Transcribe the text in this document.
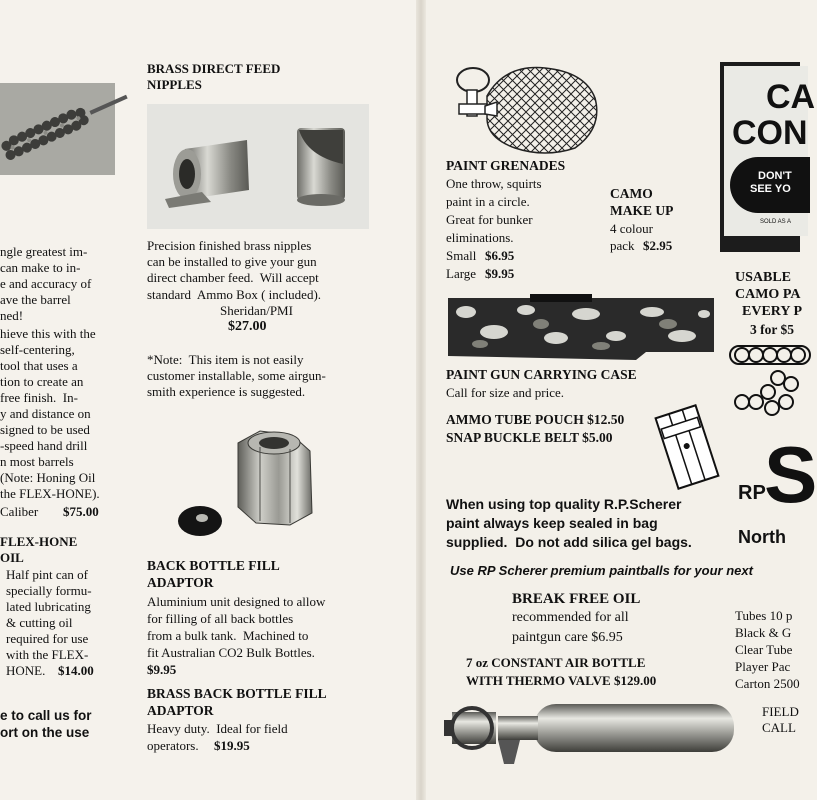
ngle greatest im-
can make to in-
e and accuracy of
ave the barrel
ned!
hieve this with the
self-centering,
tool that uses a
tion to create an
free finish.  In-
y and distance on
signed to be used
-speed hand drill
n most barrels
(Note: Honing Oil
the FLEX-HONE).
Caliber $75.00
FLEX-HONE
OIL
Half pint can of
specially formu-
lated lubricating
& cutting oil
required for use
with the FLEX-
HONE. $14.00
e to call us for
ort on the use
BRASS DIRECT FEED
NIPPLES
Precision finished brass nipples
can be installed to give your gun
direct chamber feed.  Will accept
standard  Ammo Box ( included).
Sheridan/PMI
$27.00
*Note:  This item is not easily
customer installable, some airgun-
smith experience is suggested.
BACK BOTTLE FILL
ADAPTOR
Aluminium unit designed to allow
for filling of all back bottles
from a bulk tank.  Machined to
fit Australian CO2 Bulk Bottles.
$9.95
BRASS BACK BOTTLE FILL
ADAPTOR
Heavy duty.  Ideal for field
operators. $19.95
PAINT GRENADES
One throw, squirts
paint in a circle.
Great for bunker
eliminations.
Small $6.95
Large $9.95
CAMO
MAKE UP
4 colour
pack $2.95
CA
CON
DON'T
SEE YO
SOLD AS A
USABLE
CAMO PA
EVERY P
3 for $5
PAINT GUN CARRYING CASE
Call for size and price.
AMMO TUBE POUCH $12.50
SNAP BUCKLE BELT $5.00
When using top quality R.P.Scherer
paint always keep sealed in bag
supplied.  Do not add silica gel bags.
RP
S
North
Use RP Scherer premium paintballs for your next
BREAK FREE OIL
recommended for all
paintgun care $6.95
7 oz CONSTANT AIR BOTTLE
WITH THERMO VALVE $129.00
Tubes 10 p
Black & G
Clear Tube
Player Pac
Carton 2500
FIELD
CALL
